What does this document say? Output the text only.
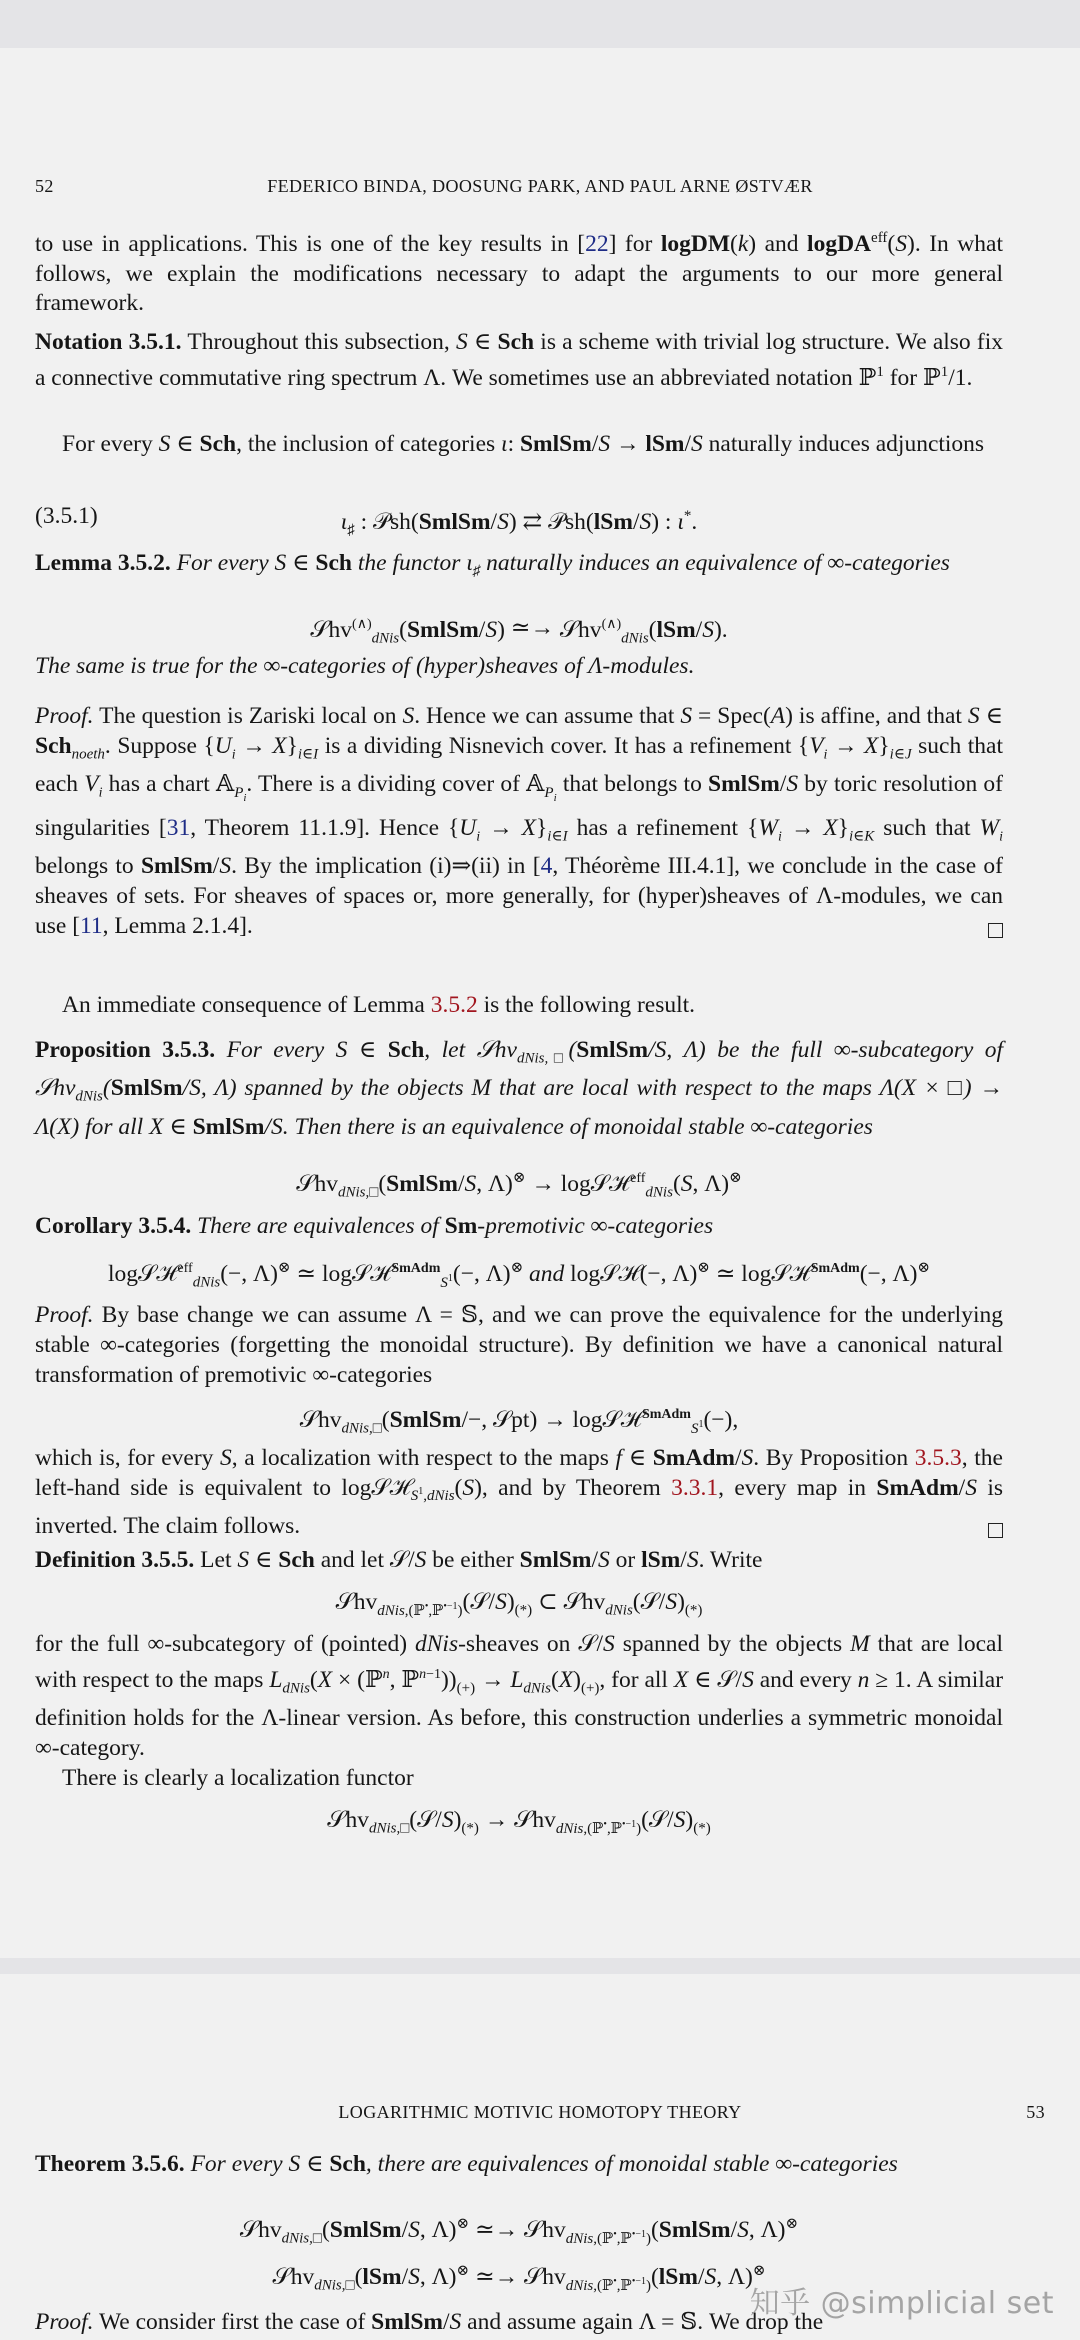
52	FEDERICO BINDA, DOOSUNG PARK, AND PAUL ARNE ØSTVÆR
to use in applications. This is one of the key results in [22] for logDM(k) and logDA$^{eff}$(S). In what follows, we explain the modifications necessary to adapt the arguments to our more general framework.
Notation 3.5.1. Throughout this subsection, S ∈ Sch is a scheme with trivial log structure. We also fix a connective commutative ring spectrum Λ. We sometimes use an abbreviated notation ℙ$^1$ for ℙ$^1$/1.
For every S ∈ Sch, the inclusion of categories ι: SmlSm/S → lSm/S naturally induces adjunctions
(3.5.1)	$\iota_♯$ : 𝒫sh(SmlSm/S) ⇄ 𝒫sh(lSm/S) : ι*.
Lemma 3.5.2. For every S ∈ Sch the functor $\iota_♯$ naturally induces an equivalence of ∞-categories
𝒮hv(∧)$_{dNis}$(SmlSm/S) ≃→ 𝒮hv(∧)$_{dNis}$(lSm/S).
The same is true for the ∞-categories of (hyper)sheaves of Λ-modules.
Proof. The question is Zariski local on S. Hence we can assume that S = Spec(A) is affine, and that S ∈ Sch$_{noeth}$. Suppose $\{U_i \to X\}_{i\in I}$ is a dividing Nisnevich cover. It has a refinement $\{V_i \to X\}_{i\in J}$ such that each $V_i$ has a chart 𝔸$_{P_i}$. There is a dividing cover of 𝔸$_{P_i}$ that belongs to SmlSm/S by toric resolution of singularities [31, Theorem 11.1.9]. Hence $\{U_i \to X\}_{i\in I}$ has a refinement $\{W_i \to X\}_{i\in K}$ such that $W_i$ belongs to SmlSm/S. By the implication (i)⇒(ii) in [4, Théorème III.4.1], we conclude in the case of sheaves of sets. For sheaves of spaces or, more generally, for (hyper)sheaves of Λ-modules, we can use [11, Lemma 2.1.4].
An immediate consequence of Lemma 3.5.2 is the following result.
Proposition 3.5.3. For every S ∈ Sch, let 𝒮hv$_{dNis,□}$(SmlSm/S, Λ) be the full ∞-subcategory of 𝒮hv$_{dNis}$(SmlSm/S, Λ) spanned by the objects M that are local with respect to the maps Λ(X × □) → Λ(X) for all X ∈ SmlSm/S. Then there is an equivalence of monoidal stable ∞-categories
𝒮hv$_{dNis,□}$(SmlSm/S, Λ)⊗ → log𝒮ℋ$^{eff}_{dNis}$(S, Λ)⊗
Corollary 3.5.4. There are equivalences of Sm-premotivic ∞-categories
log𝒮ℋ$^{eff}_{dNis}$(−, Λ)⊗ ≃ log𝒮ℋ$^{SmAdm}_{S^1}$(−, Λ)⊗ and log𝒮ℋ(−, Λ)⊗ ≃ log𝒮ℋ$^{SmAdm}$(−, Λ)⊗
Proof. By base change we can assume Λ = 𝕊, and we can prove the equivalence for the underlying stable ∞-categories (forgetting the monoidal structure). By definition we have a canonical natural transformation of premotivic ∞-categories
𝒮hv$_{dNis,□}$(SmlSm/−, 𝒮pt) → log𝒮ℋ$^{SmAdm}_{S^1}$(−),
which is, for every S, a localization with respect to the maps f ∈ SmAdm/S. By Proposition 3.5.3, the left-hand side is equivalent to log𝒮ℋ$_{S^1,dNis}$(S), and by Theorem 3.3.1, every map in SmAdm/S is inverted. The claim follows.
Definition 3.5.5. Let S ∈ Sch and let 𝒮/S be either SmlSm/S or lSm/S. Write
$𝒮hv_{dNis,(ℙ^•,ℙ^{•-1})}(𝒮/S)_{(*)}$ ⊂ $𝒮hv_{dNis}(𝒮/S)_{(*)}$
for the full ∞-subcategory of (pointed) dNis-sheaves on 𝒮/S spanned by the objects M that are local with respect to the maps $L_{dNis}(X$ × (ℙ$^n$, $ℙ^{n-1}))_{(+)} \to L_{dNis}(X)_{(+)}$, for all X ∈ 𝒮/S and every n ≥ 1. A similar definition holds for the Λ-linear version. As before, this construction underlies a symmetric monoidal ∞-category.
There is clearly a localization functor
$𝒮hv_{dNis,□}(𝒮/S)_{(*)}$ → $𝒮hv_{dNis,(ℙ^•,ℙ^{•-1})}(𝒮/S)_{(*)}$
LOGARITHMIC MOTIVIC HOMOTOPY THEORY	53
Theorem 3.5.6. For every S ∈ Sch, there are equivalences of monoidal stable ∞-categories
𝒮hv$_{dNis,□}$(SmlSm/S, Λ)⊗ ≃→ 𝒮hv$_{dNis,(ℙ^•,ℙ^{•-1})}$(SmlSm/S, Λ)⊗
𝒮hv$_{dNis,□}$(lSm/S, Λ)⊗ ≃→ 𝒮hv$_{dNis,(ℙ^•,ℙ^{•-1})}$(lSm/S, Λ)⊗
Proof. We consider first the case of SmlSm/S and assume again Λ = 𝕊. We drop the
知乎 @simplicial set
